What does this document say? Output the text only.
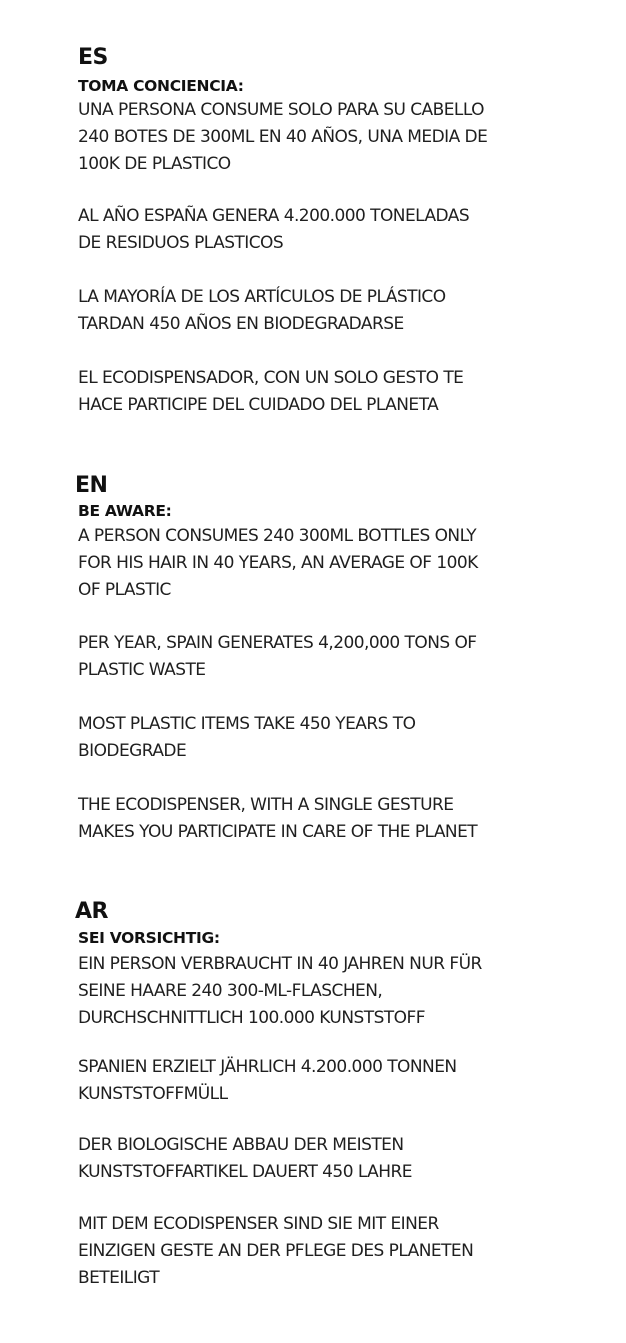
ES
TOMA CONCIENCIA:
UNA PERSONA CONSUME SOLO PARA SU CABELLO
240 BOTES DE 300ML EN 40 AÑOS, UNA MEDIA DE
100K DE PLASTICO
AL AÑO ESPAÑA GENERA 4.200.000 TONELADAS
DE RESIDUOS PLASTICOS
LA MAYORÍA DE LOS ARTÍCULOS DE PLÁSTICO
TARDAN 450 AÑOS EN BIODEGRADARSE
EL ECODISPENSADOR, CON UN SOLO GESTO TE
HACE PARTICIPE DEL CUIDADO DEL PLANETA
EN
BE AWARE:
A PERSON CONSUMES 240 300ML BOTTLES ONLY
FOR HIS HAIR IN 40 YEARS, AN AVERAGE OF 100K
OF PLASTIC
PER YEAR, SPAIN GENERATES 4,200,000 TONS OF
PLASTIC WASTE
MOST PLASTIC ITEMS TAKE 450 YEARS TO
BIODEGRADE
THE ECODISPENSER, WITH A SINGLE GESTURE
MAKES YOU PARTICIPATE IN CARE OF THE PLANET
AR
SEI VORSICHTIG:
EIN PERSON VERBRAUCHT IN 40 JAHREN NUR FÜR
SEINE HAARE 240 300-ML-FLASCHEN,
DURCHSCHNITTLICH 100.000 KUNSTSTOFF
SPANIEN ERZIELT JÄHRLICH 4.200.000 TONNEN
KUNSTSTOFFMÜLL
DER BIOLOGISCHE ABBAU DER MEISTEN
KUNSTSTOFFARTIKEL DAUERT 450 LAHRE
MIT DEM ECODISPENSER SIND SIE MIT EINER
EINZIGEN GESTE AN DER PFLEGE DES PLANETEN
BETEILIGT
